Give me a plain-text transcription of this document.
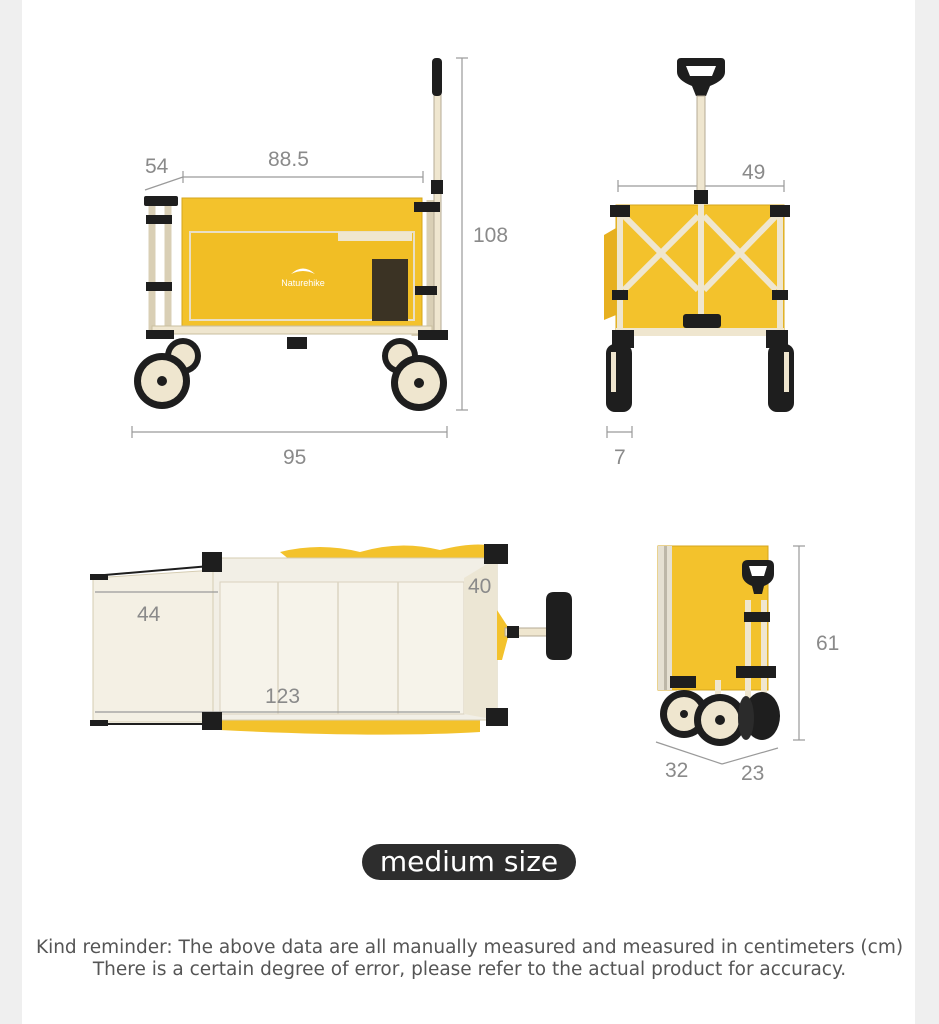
Naturehike
54	88.5
108
95
49
7
44
40
123
61
32	23
medium size
Kind reminder: The above data are all manually measured and measured in centimeters (cm)
There is a certain degree of error, please refer to the actual product for accuracy.
